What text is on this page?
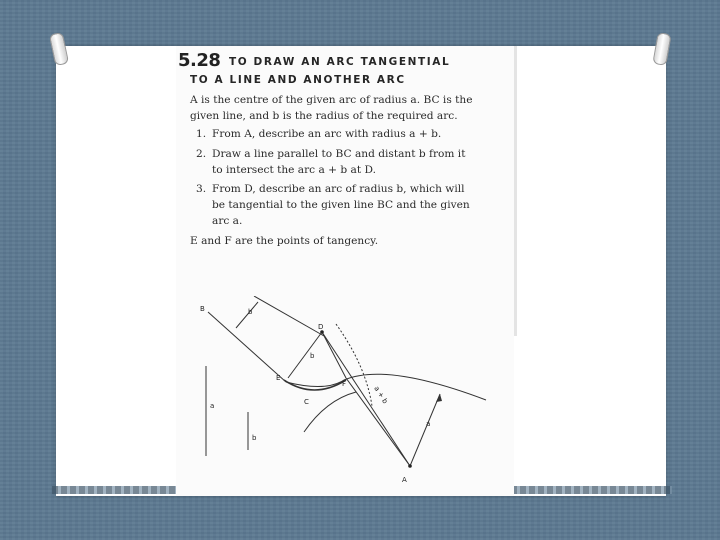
5.28 TO DRAW AN ARC TANGENTIAL
TO A LINE AND ANOTHER ARC
A is the centre of the given arc of radius a. BC is the
given line, and b is the radius of the required arc.
1. From A, describe an arc with radius a + b.
2. Draw a line parallel to BC and distant b from it
to intersect the arc a + b at D.
3. From D, describe an arc of radius b, which will
be tangential to the given line BC and the given
arc a.
E and F are the points of tangency.
B	b
D
b
E
F
C	a + b
a
b
a
A
